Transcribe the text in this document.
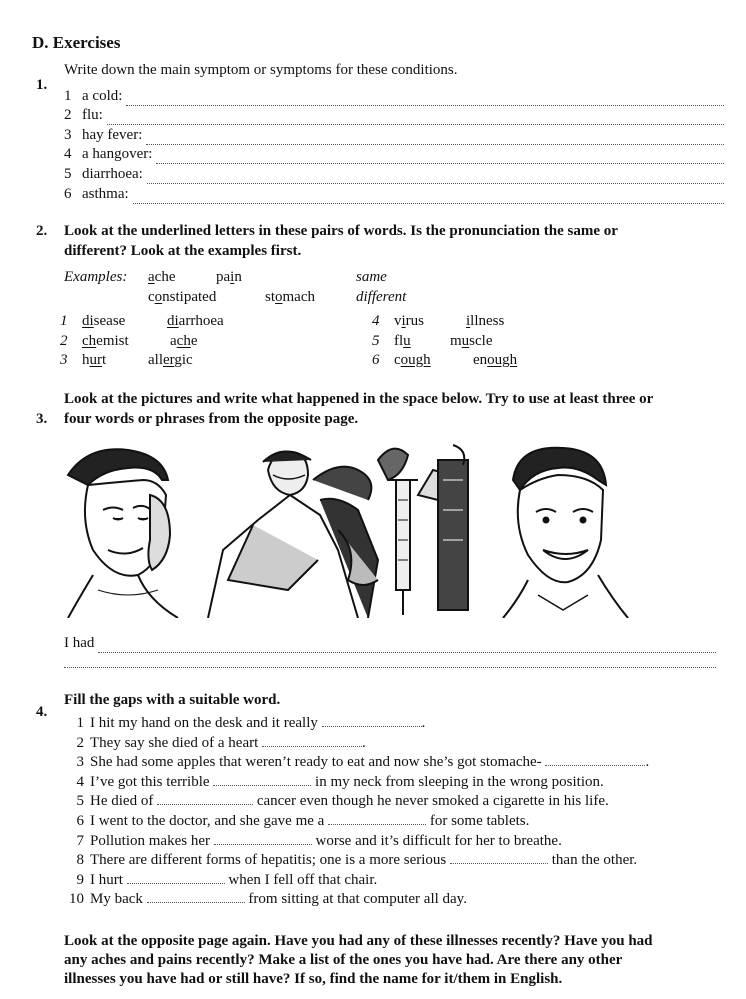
D. Exercises
1.
Write down the main symptom or symptoms for these conditions.
1 a cold:
2 flu:
3 hay fever:
4 a hangover:
5 diarrhoea:
6 asthma:
2. Look at the underlined letters in these pairs of words. Is the pronunciation the same or
different? Look at the examples first.
Examples: ache	pain	same
constipated	stomach	different
1 disease	diarrhoea
2 chemist	ache
3 hurt	allergic
4 virus	illness
5 flu	muscle
6 cough	enough
Look at the pictures and write what happened in the space below. Try to use at least three or
3. four words or phrases from the opposite page.
I had
Fill the gaps with a suitable word.
4.
1 I hit my hand on the desk and it really	.
2 They say she died of a heart	.
3 She had some apples that weren’t ready to eat and now she’s got stomache-	.
4 I’ve got this terrible	in my neck from sleeping in the wrong position.
5 He died of	cancer even though he never smoked a cigarette in his life.
6 I went to the doctor, and she gave me a	for some tablets.
7 Pollution makes her	worse and it’s difficult for her to breathe.
8 There are different forms of hepatitis; one is a more serious	than the other.
9 I hurt	when I fell off that chair.
10 My back	from sitting at that computer all day.
Look at the opposite page again. Have you had any of these illnesses recently? Have you had
any aches and pains recently? Make a list of the ones you have had. Are there any other
illnesses you have had or still have? If so, find the name for it/them in English.
